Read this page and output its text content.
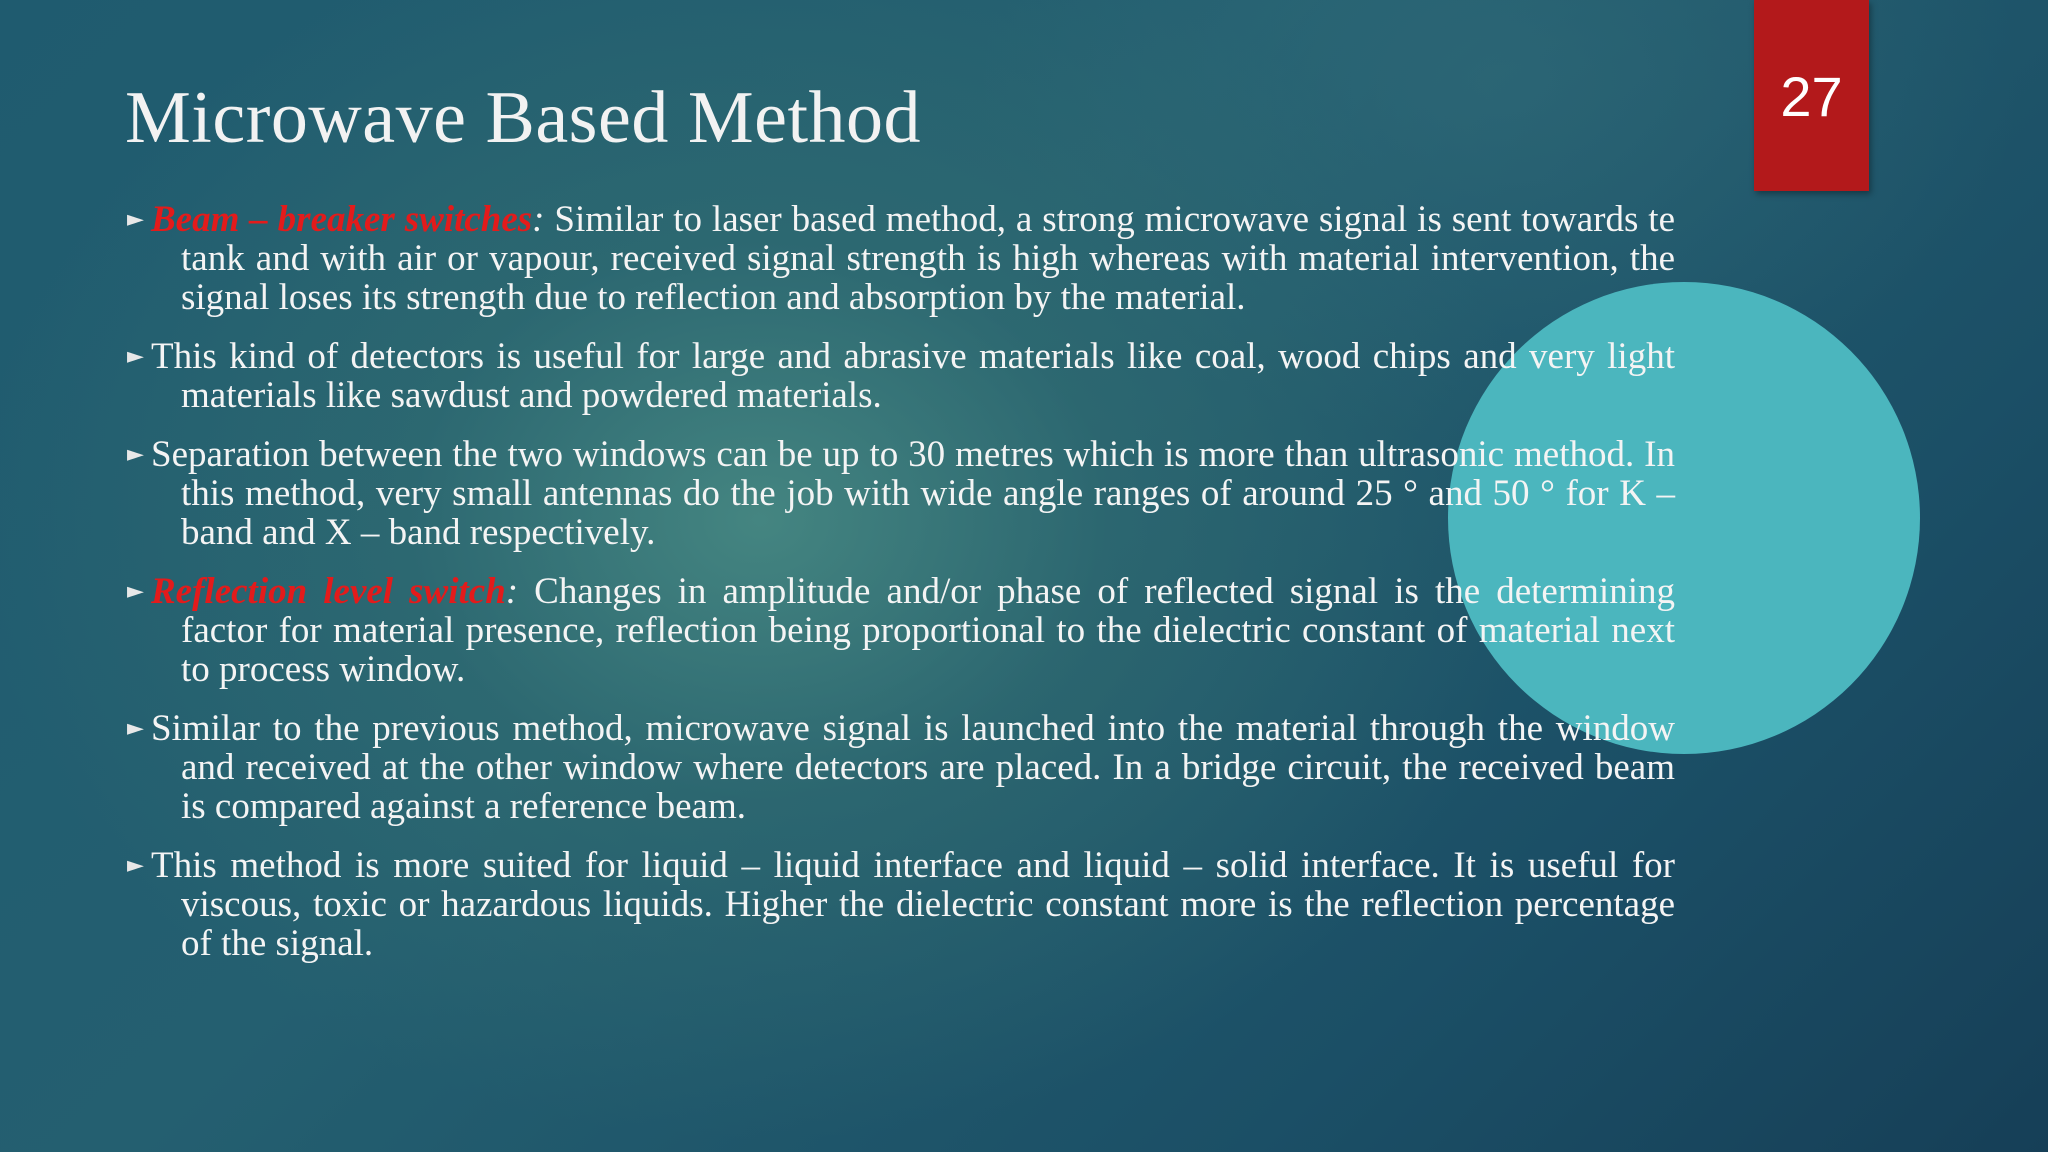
Microwave Based Method	27
► Beam – breaker switches: Similar to laser based method, a strong microwave signal is sent towards te tank and with air or vapour, received signal strength is high whereas with material intervention, the signal loses its strength due to reflection and absorption by the material.
► This kind of detectors is useful for large and abrasive materials like coal, wood chips and very light materials like sawdust and powdered materials.
► Separation between the two windows can be up to 30 metres which is more than ultrasonic method. In this method, very small antennas do the job with wide angle ranges of around 25 ° and 50 ° for K – band and X – band respectively.
► Reflection level switch: Changes in amplitude and/or phase of reflected signal is the determining factor for material presence, reflection being proportional to the dielectric constant of material next to process window.
► Similar to the previous method, microwave signal is launched into the material through the window and received at the other window where detectors are placed. In a bridge circuit, the received beam is compared against a reference beam.
► This method is more suited for liquid – liquid interface and liquid – solid interface. It is useful for viscous, toxic or hazardous liquids. Higher the dielectric constant more is the reflection percentage of the signal.
